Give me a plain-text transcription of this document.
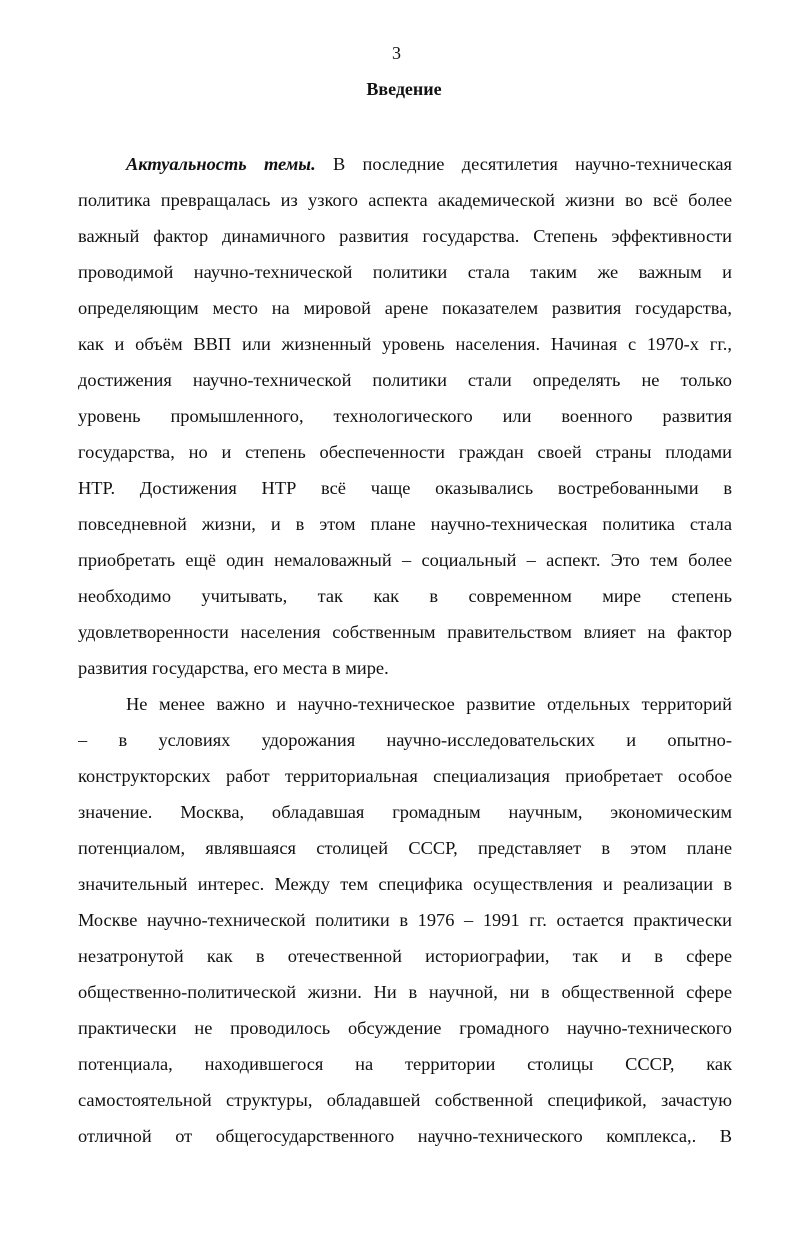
3
Введение
Актуальность темы. В последние десятилетия научно-техническая
политика превращалась из узкого аспекта академической жизни во всё более
важный фактор динамичного развития государства. Степень эффективности
проводимой научно-технической политики стала таким же важным и
определяющим место на мировой арене показателем развития государства,
как и объём ВВП или жизненный уровень населения. Начиная с 1970-х гг.,
достижения научно-технической политики стали определять не только
уровень промышленного, технологического или военного развития
государства, но и степень обеспеченности граждан своей страны плодами
НТР. Достижения НТР всё чаще оказывались востребованными в
повседневной жизни, и в этом плане научно-техническая политика стала
приобретать ещё один немаловажный – социальный – аспект. Это тем более
необходимо учитывать, так как в современном мире степень
удовлетворенности населения собственным правительством влияет на фактор
развития государства, его места в мире.
Не менее важно и научно-техническое развитие отдельных территорий
– в условиях удорожания научно-исследовательских и опытно-
конструкторских работ территориальная специализация приобретает особое
значение. Москва, обладавшая громадным научным, экономическим
потенциалом, являвшаяся столицей СССР, представляет в этом плане
значительный интерес. Между тем специфика осуществления и реализации в
Москве научно-технической политики в 1976 – 1991 гг. остается практически
незатронутой как в отечественной историографии, так и в сфере
общественно-политической жизни. Ни в научной, ни в общественной сфере
практически не проводилось обсуждение громадного научно-технического
потенциала, находившегося на территории столицы СССР, как
самостоятельной структуры, обладавшей собственной спецификой, зачастую
отличной от общегосударственного научно-технического комплекса,. В
